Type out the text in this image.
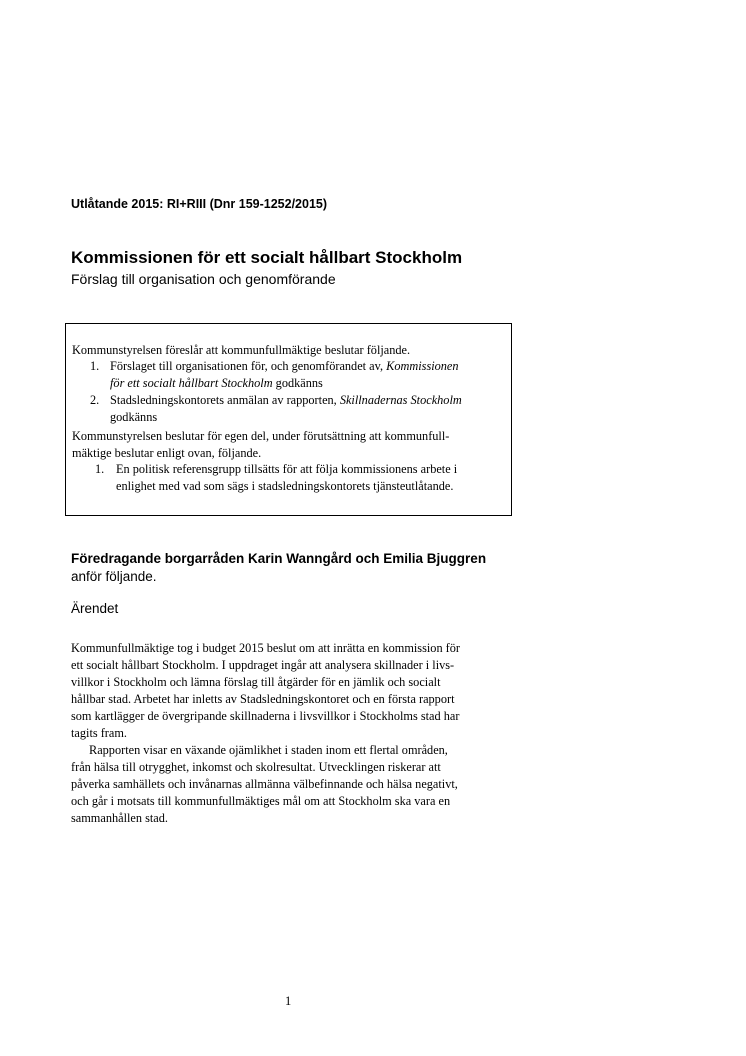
Utlåtande 2015: RI+RIII (Dnr 159-1252/2015)
Kommissionen för ett socialt hållbart Stockholm
Förslag till organisation och genomförande
Kommunstyrelsen föreslår att kommunfullmäktige beslutar följande.
1. Förslaget till organisationen för, och genomförandet av, Kommissionen
för ett socialt hållbart Stockholm godkänns
2. Stadsledningskontorets anmälan av rapporten, Skillnadernas Stockholm
godkänns
Kommunstyrelsen beslutar för egen del, under förutsättning att kommunfull-
mäktige beslutar enligt ovan, följande.
1. En politisk referensgrupp tillsätts för att följa kommissionens arbete i
enlighet med vad som sägs i stadsledningskontorets tjänsteutlåtande.
Föredragande borgarråden Karin Wanngård och Emilia Bjuggren
anför följande.
Ärendet
Kommunfullmäktige tog i budget 2015 beslut om att inrätta en kommission för
ett socialt hållbart Stockholm. I uppdraget ingår att analysera skillnader i livs-
villkor i Stockholm och lämna förslag till åtgärder för en jämlik och socialt
hållbar stad. Arbetet har inletts av Stadsledningskontoret och en första rapport
som kartlägger de övergripande skillnaderna i livsvillkor i Stockholms stad har
tagits fram.
Rapporten visar en växande ojämlikhet i staden inom ett flertal områden,
från hälsa till otrygghet, inkomst och skolresultat. Utvecklingen riskerar att
påverka samhällets och invånarnas allmänna välbefinnande och hälsa negativt,
och går i motsats till kommunfullmäktiges mål om att Stockholm ska vara en
sammanhållen stad.
1
